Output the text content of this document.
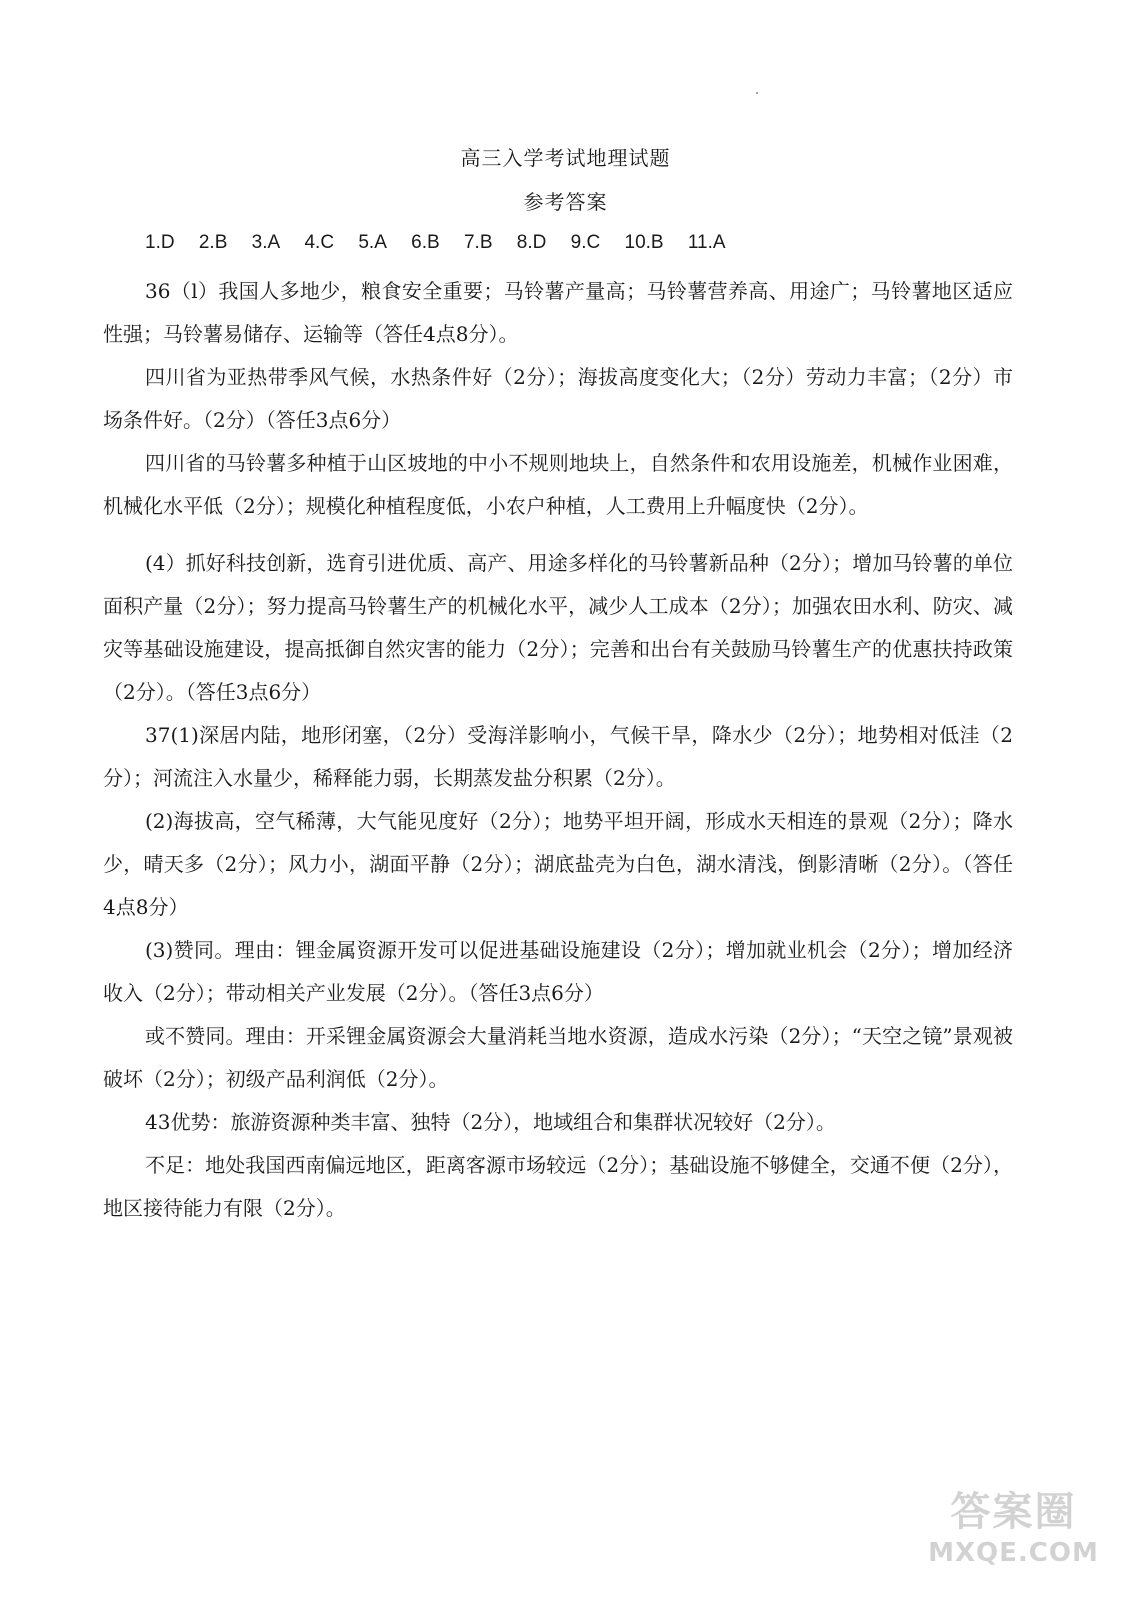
高三入学考试地理试题
参考答案
1.D 2.B 3.A 4.C 5.A 6.B 7.B 8.D 9.C 10.B 11.A

36（l）我国人多地少，粮食安全重要；马铃薯产量高；马铃薯营养高、用途广；马铃薯地区适应性强；马铃薯易储存、运输等（答任4点8分）。

四川省为亚热带季风气候，水热条件好（2分）；海拔高度变化大；（2分）劳动力丰富；（2分）市场条件好。（2分）（答任3点6分）

四川省的马铃薯多种植于山区坡地的中小不规则地块上，自然条件和农用设施差，机械作业困难，机械化水平低（2分）；规模化种植程度低，小农户种植，人工费用上升幅度快（2分）。

(4）抓好科技创新，选育引进优质、高产、用途多样化的马铃薯新品种（2分）；增加马铃薯的单位面积产量（2分）；努力提高马铃薯生产的机械化水平，减少人工成本（2分）；加强农田水利、防灾、减灾等基础设施建设，提高抵御自然灾害的能力（2分）；完善和出台有关鼓励马铃薯生产的优惠扶持政策（2分）。（答任3点6分）

37(1)深居内陆，地形闭塞，（2分）受海洋影响小，气候干旱，降水少（2分）；地势相对低洼（2分）；河流注入水量少，稀释能力弱，长期蒸发盐分积累（2分）。

(2)海拔高，空气稀薄，大气能见度好（2分）；地势平坦开阔，形成水天相连的景观（2分）；降水少，晴天多（2分）；风力小，湖面平静（2分）；湖底盐壳为白色，湖水清浅，倒影清晰（2分）。（答任4点8分）

(3)赞同。理由：锂金属资源开发可以促进基础设施建设（2分）；增加就业机会（2分）；增加经济收入（2分）；带动相关产业发展（2分）。（答任3点6分）

或不赞同。理由：开采锂金属资源会大量消耗当地水资源，造成水污染（2分）；“天空之镜”景观被破坏（2分）；初级产品利润低（2分）。

43优势：旅游资源种类丰富、独特（2分），地域组合和集群状况较好（2分）。

不足：地处我国西南偏远地区，距离客源市场较远（2分）；基础设施不够健全，交通不便（2分），地区接待能力有限（2分）。

答案圈
MXQE.COM
